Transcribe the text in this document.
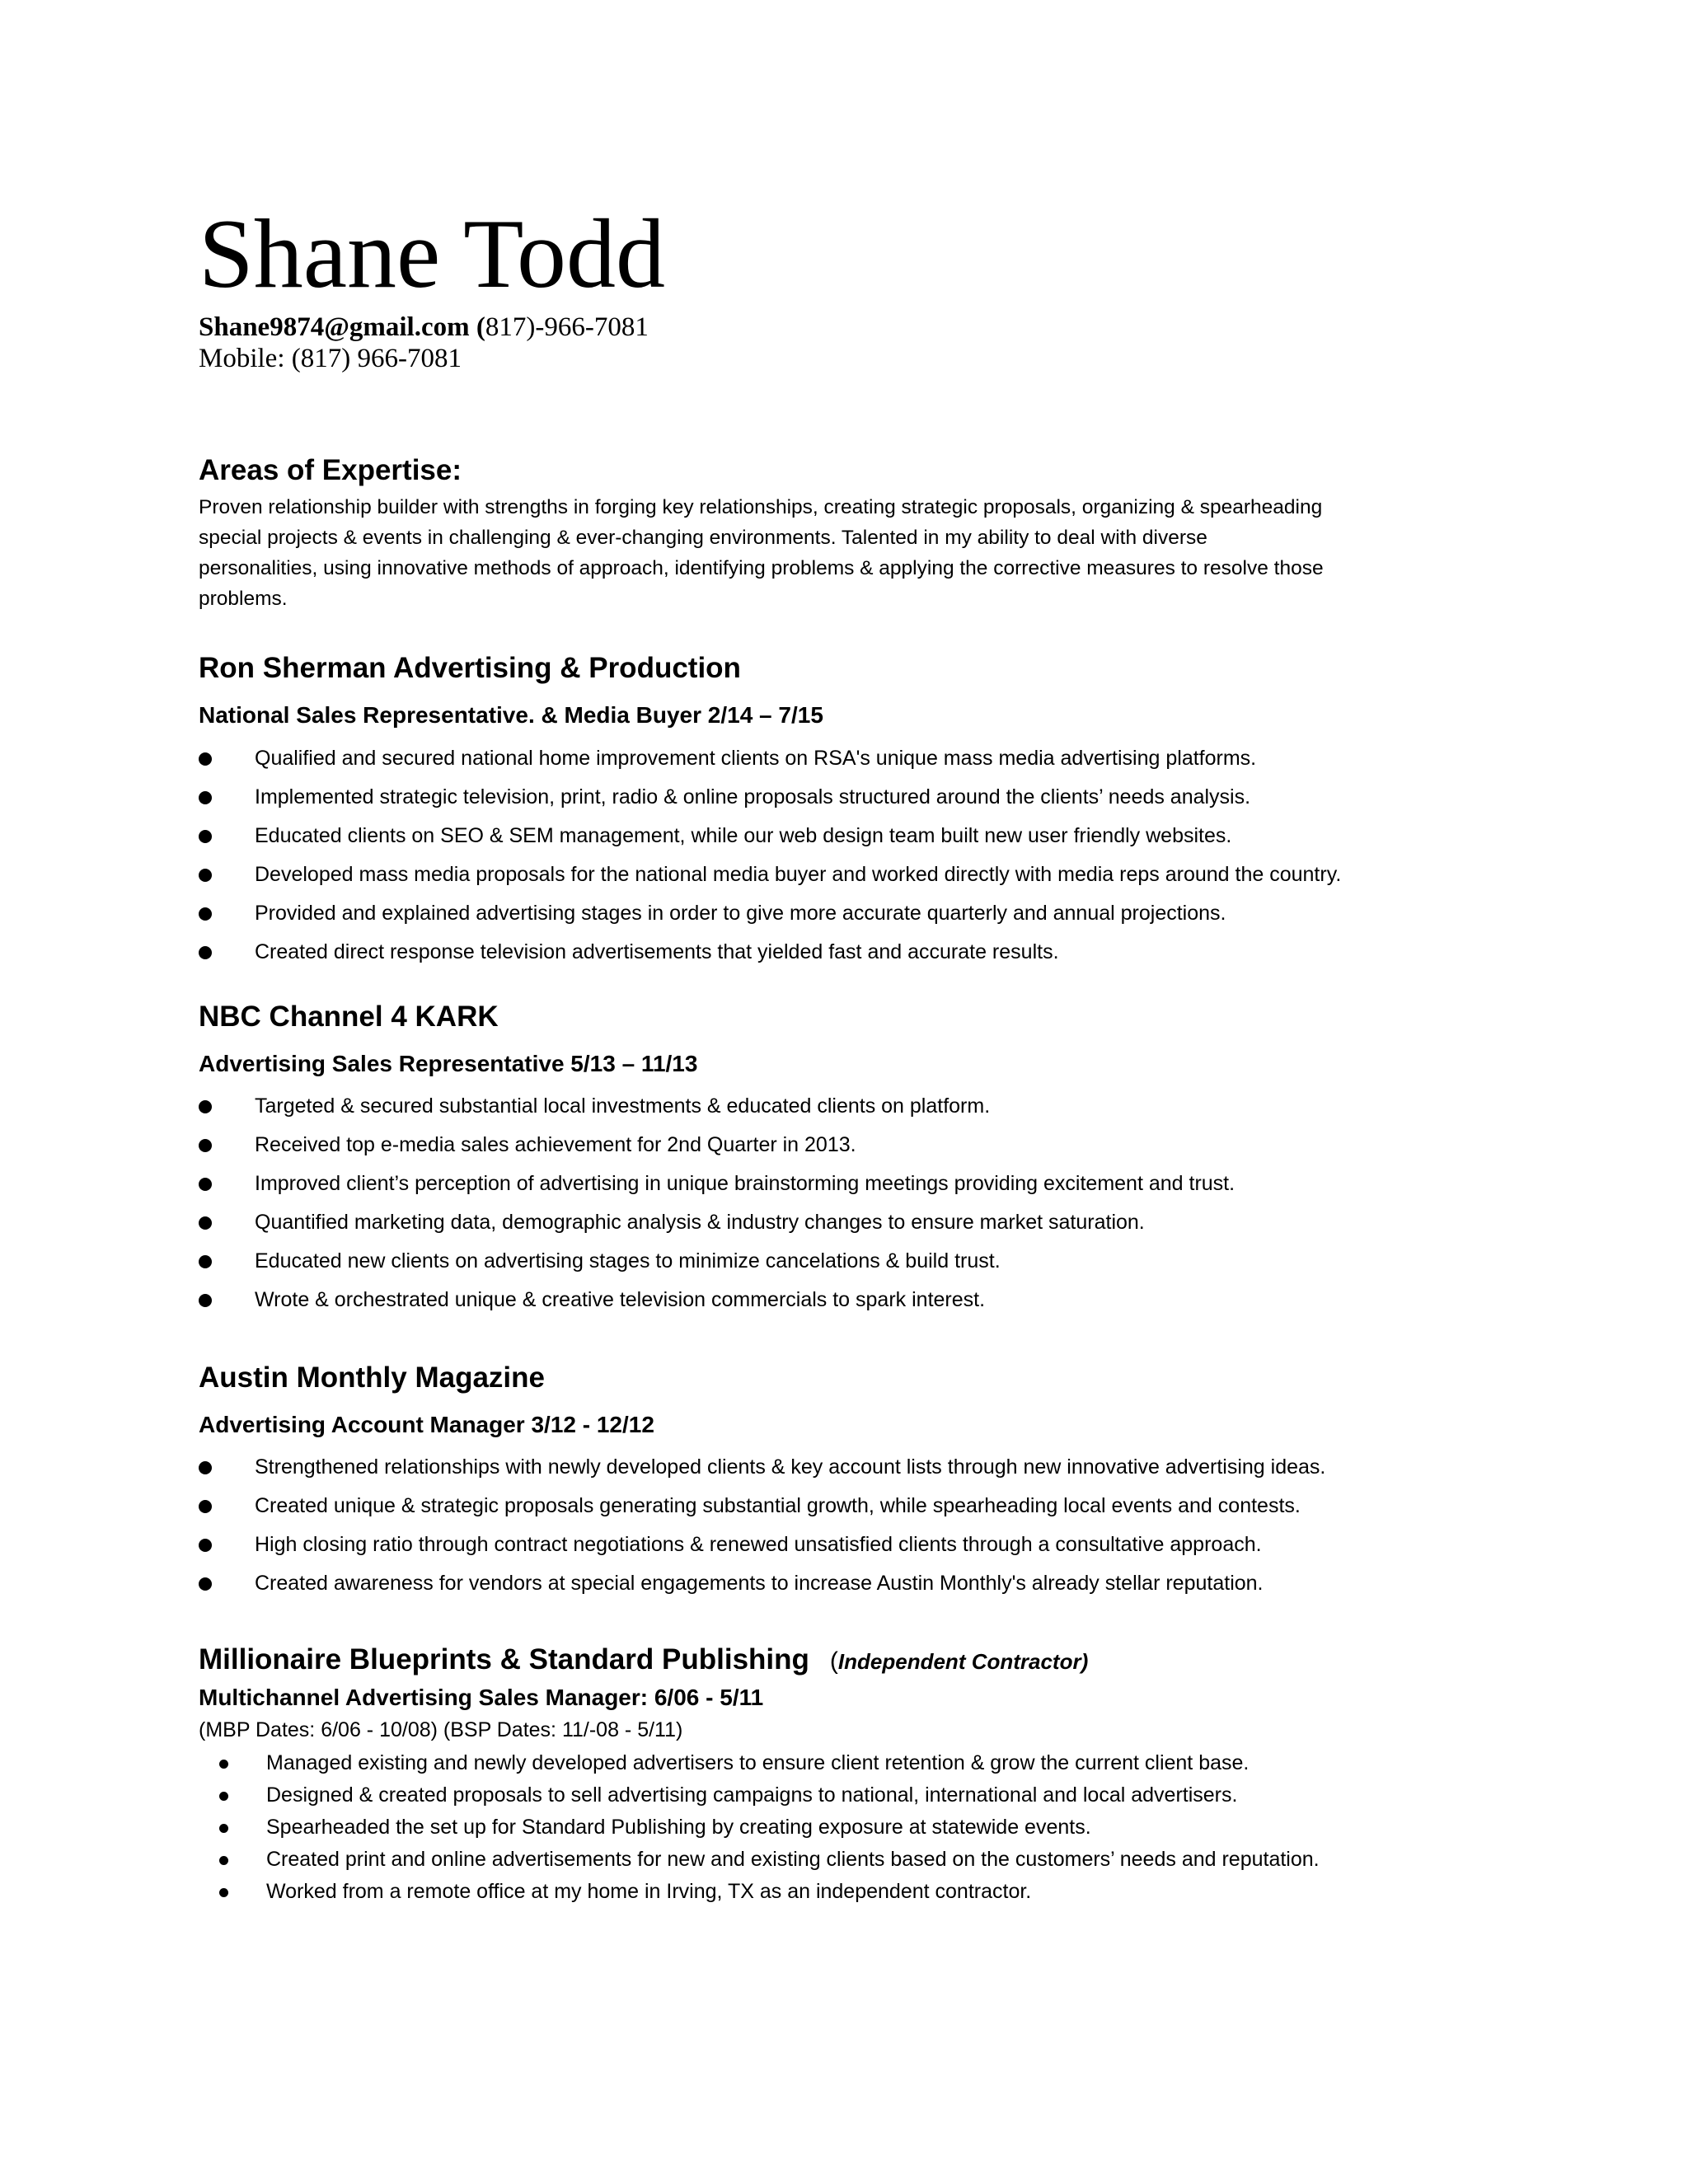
Shane Todd
Shane9874@gmail.com (817)-966-7081
Mobile: (817) 966-7081
Areas of Expertise:
Proven relationship builder with strengths in forging key relationships, creating strategic proposals, organizing & spearheading
special projects & events in challenging & ever-changing environments. Talented in my ability to deal with diverse
personalities, using innovative methods of approach, identifying problems & applying the corrective measures to resolve those
problems.
Ron Sherman Advertising & Production
National Sales Representative. & Media Buyer 2/14 – 7/15
Qualified and secured national home improvement clients on RSA's unique mass media advertising platforms.
Implemented strategic television, print, radio & online proposals structured around the clients’ needs analysis.
Educated clients on SEO & SEM management, while our web design team built new user friendly websites.
Developed mass media proposals for the national media buyer and worked directly with media reps around the country.
Provided and explained advertising stages in order to give more accurate quarterly and annual projections.
Created direct response television advertisements that yielded fast and accurate results.
NBC Channel 4 KARK
Advertising Sales Representative 5/13 – 11/13
Targeted & secured substantial local investments & educated clients on platform.
Received top e-media sales achievement for 2nd Quarter in 2013.
Improved client’s perception of advertising in unique brainstorming meetings providing excitement and trust.
Quantified marketing data, demographic analysis & industry changes to ensure market saturation.
Educated new clients on advertising stages to minimize cancelations & build trust.
Wrote & orchestrated unique & creative television commercials to spark interest.
Austin Monthly Magazine
Advertising Account Manager 3/12 - 12/12
Strengthened relationships with newly developed clients & key account lists through new innovative advertising ideas.
Created unique & strategic proposals generating substantial growth, while spearheading local events and contests.
High closing ratio through contract negotiations & renewed unsatisfied clients through a consultative approach.
Created awareness for vendors at special engagements to increase Austin Monthly's already stellar reputation.
Millionaire Blueprints & Standard Publishing (Independent Contractor)
Multichannel Advertising Sales Manager: 6/06 - 5/11
(MBP Dates: 6/06 - 10/08) (BSP Dates: 11/-08 - 5/11)
Managed existing and newly developed advertisers to ensure client retention & grow the current client base.
Designed & created proposals to sell advertising campaigns to national, international and local advertisers.
Spearheaded the set up for Standard Publishing by creating exposure at statewide events.
Created print and online advertisements for new and existing clients based on the customers’ needs and reputation.
Worked from a remote office at my home in Irving, TX as an independent contractor.
